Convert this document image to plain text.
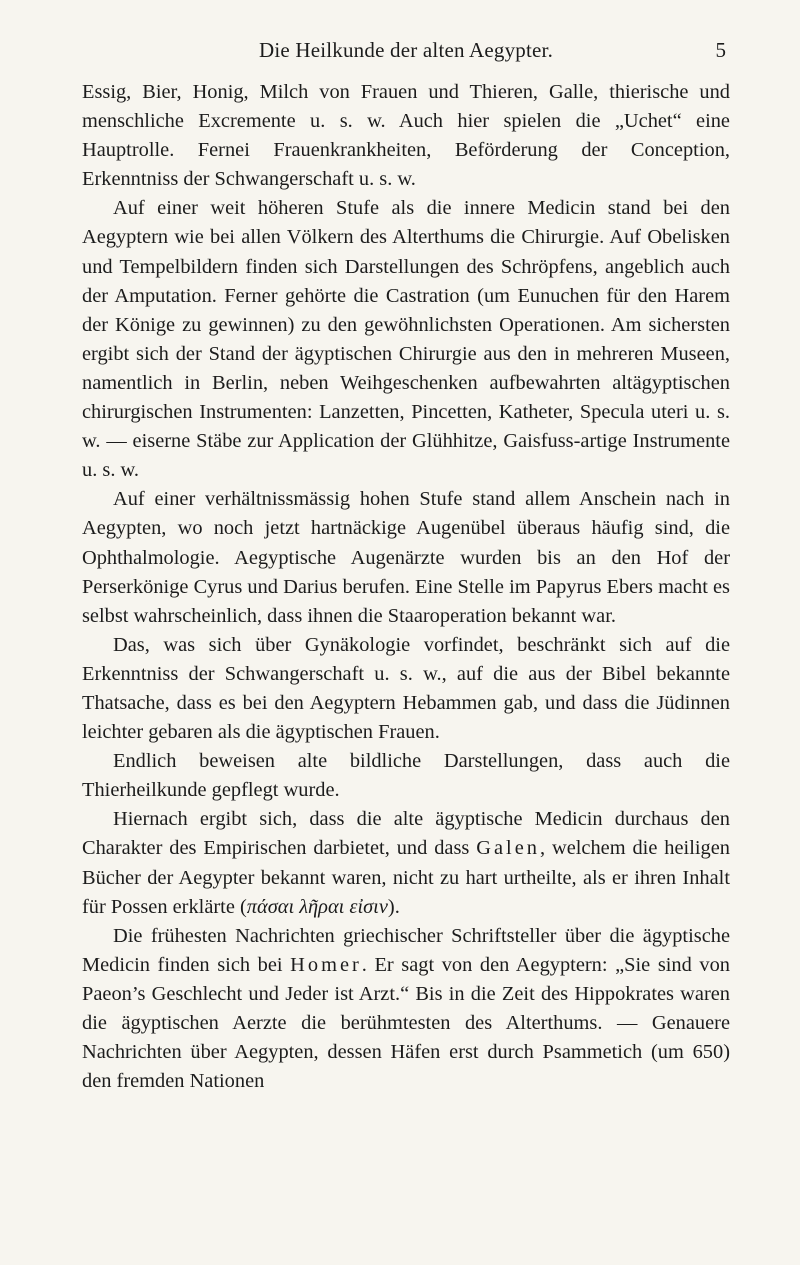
Die Heilkunde der alten Aegypter.	5

Essig, Bier, Honig, Milch von Frauen und Thieren, Galle, thierische und menschliche Excremente u. s. w. Auch hier spielen die „Uchet“ eine Hauptrolle. Fernei Frauenkrankheiten, Beförderung der Conception, Erkenntniss der Schwangerschaft u. s. w.

Auf einer weit höheren Stufe als die innere Medicin stand bei den Aegyptern wie bei allen Völkern des Alterthums die Chirurgie. Auf Obelisken und Tempelbildern finden sich Darstellungen des Schröpfens, angeblich auch der Amputation. Ferner gehörte die Castration (um Eunuchen für den Harem der Könige zu gewinnen) zu den gewöhnlichsten Operationen. Am sichersten ergibt sich der Stand der ägyptischen Chirurgie aus den in mehreren Museen, namentlich in Berlin, neben Weihgeschenken aufbewahrten altägyptischen chirurgischen Instrumenten: Lanzetten, Pincetten, Katheter, Specula uteri u. s. w. — eiserne Stäbe zur Application der Glühhitze, Gaisfuss-artige Instrumente u. s. w.

Auf einer verhältnissmässig hohen Stufe stand allem Anschein nach in Aegypten, wo noch jetzt hartnäckige Augenübel überaus häufig sind, die Ophthalmologie. Aegyptische Augenärzte wurden bis an den Hof der Perserkönige Cyrus und Darius berufen. Eine Stelle im Papyrus Ebers macht es selbst wahrscheinlich, dass ihnen die Staaroperation bekannt war.

Das, was sich über Gynäkologie vorfindet, beschränkt sich auf die Erkenntniss der Schwangerschaft u. s. w., auf die aus der Bibel bekannte Thatsache, dass es bei den Aegyptern Hebammen gab, und dass die Jüdinnen leichter gebaren als die ägyptischen Frauen.

Endlich beweisen alte bildliche Darstellungen, dass auch die Thierheilkunde gepflegt wurde.

Hiernach ergibt sich, dass die alte ägyptische Medicin durchaus den Charakter des Empirischen darbietet, und dass Galen, welchem die heiligen Bücher der Aegypter bekannt waren, nicht zu hart urtheilte, als er ihren Inhalt für Possen erklärte (πάσαι λῆραι εἰσιν).

Die frühesten Nachrichten griechischer Schriftsteller über die ägyptische Medicin finden sich bei Homer. Er sagt von den Aegyptern: „Sie sind von Paeon’s Geschlecht und Jeder ist Arzt.“ Bis in die Zeit des Hippokrates waren die ägyptischen Aerzte die berühmtesten des Alterthums. — Genauere Nachrichten über Aegypten, dessen Häfen erst durch Psammetich (um 650) den fremden Nationen
